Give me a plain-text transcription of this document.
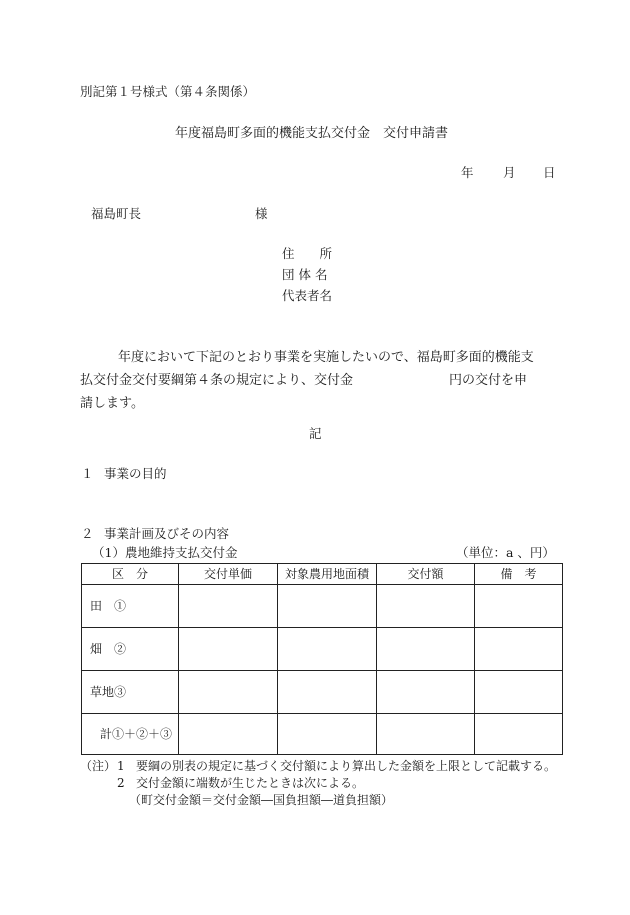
別記第１号様式（第４条関係）
年度福島町多面的機能支払交付金　交付申請書
年 月 日
福島町長	様
住　　所
団 体 名
代表者名
年度において下記のとおり事業を実施したいので、福島町多面的機能支
払交付金交付要綱第４条の規定により、交付金	円の交付を申
請します。
記
１ 事業の目的
２ 事業計画及びその内容
（1）農地維持支払交付金	（単位：a 、円）
区　分	交付単価	対象農用地面積	交付額	備　考
田　①				
畑　②				
草地③				
計①＋②＋③				
（注） 1 要綱の別表の規定に基づく交付額により算出した金額を上限として記載する。
2 交付金額に端数が生じたときは次による。
（町交付金額＝交付金額―国負担額―道負担額）
